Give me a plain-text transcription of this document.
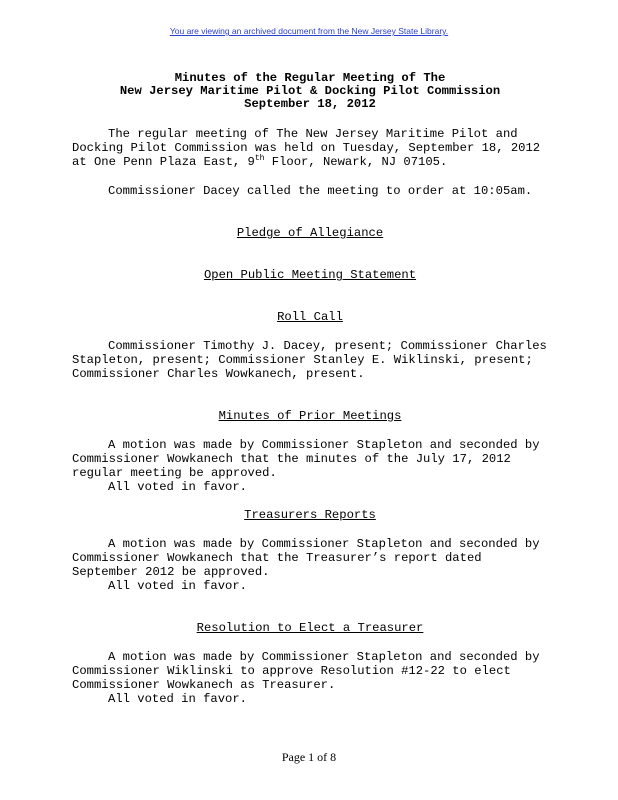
You are viewing an archived document from the New Jersey State Library.

Minutes of the Regular Meeting of The

New Jersey Maritime Pilot & Docking Pilot Commission

September 18, 2012

The regular meeting of The New Jersey Maritime Pilot and Docking Pilot Commission was held on Tuesday, September 18, 2012 at One Penn Plaza East, 9th Floor, Newark, NJ 07105.

Commissioner Dacey called the meeting to order at 10:05am.

Pledge of Allegiance

Open Public Meeting Statement

Roll Call

Commissioner Timothy J. Dacey, present; Commissioner Charles Stapleton, present; Commissioner Stanley E. Wiklinski, present; Commissioner Charles Wowkanech, present.

Minutes of Prior Meetings

A motion was made by Commissioner Stapleton and seconded by Commissioner Wowkanech that the minutes of the July 17, 2012 regular meeting be approved.

All voted in favor.

Treasurers Reports

A motion was made by Commissioner Stapleton and seconded by Commissioner Wowkanech that the Treasurer’s report dated September 2012 be approved.

All voted in favor.

Resolution to Elect a Treasurer

A motion was made by Commissioner Stapleton and seconded by Commissioner Wiklinski to approve Resolution #12-22 to elect Commissioner Wowkanech as Treasurer.

All voted in favor.

Page 1 of 8
